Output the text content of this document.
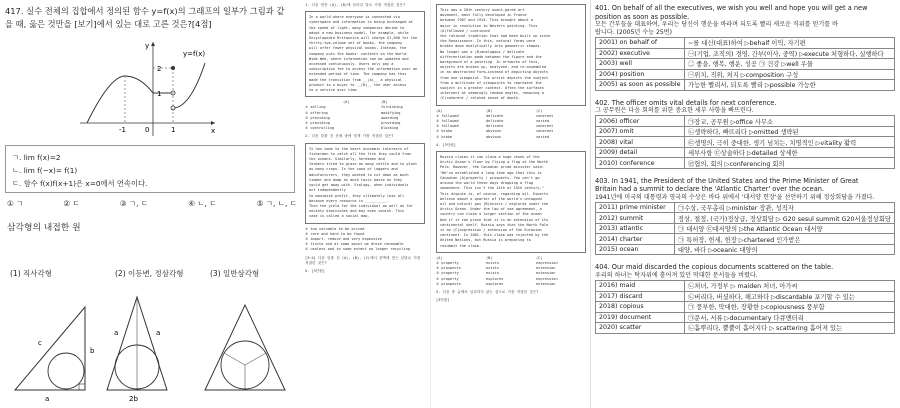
417. 실수 전체의 집합에서 정의된 함수 y=f(x)의 그래프의 일부가 그림과 같
을 때, 옳은 것만을 [보기]에서 있는 대로 고른 것은?[4점]
y
x
y=f(x)
2
1
-1	0	1
ㄱ. lim f(x)=2
ㄴ. lim f(−x)= f(1)
ㄷ. 함수 f(x)f(x+1)은 x=0에서 연속이다.
① ㄱ	② ㄷ	③ ㄱ, ㄷ	④ ㄴ, ㄷ	⑤ ㄱ, ㄴ, ㄷ
삼각형의 내접한 원
(1) 직사각형	(2) 이등변, 정삼각형	(3) 일반삼각형
c
b
a
a	a
2b
1. 다음 빈칸 (A), (B)에 들어갈 말로 가장 적절한 것은?
In a world where everyone is connected via
cyberspace and information is being exchanged at
the speed of light, many companies decide to
adopt a new business model. For example, while
Encyclopedia Britannica will charge $1,500 for the
thirty-two-volume set of books, the company
will offer fewer physical books. Instead, the
company puts the books' contents on the World
Wide Web, where information can be updated and
accessed continuously. Users only pay a
subscription fee to access the information over an
extended period of time. The company has thus
made the transition from __(A)__ a physical
product to a buyer to __(B)__ the user access
to a service over time.
(A)	(B)
① selling	furnishing
② offering	modifying
③ providing	awarding
④ providing	providing
⑤ controlling	blocking
2. 다음 밑줄 친 문제 중에 맞게 가장 적절한 것은?
It has come to the heart economic interests of
fishermen to catch all the fish they could from
the oceans. Similarly, herdsmen and
farmers tried to graze as many cattle and to plant
as many crops. In the case of loggers and
manufacturers, they wanted to cut down as much
timber and dump as much toxic waste as they
could get away with. Ecology, when individuals
act independently
to maximize profit, they ultimately lose all
because every resource is __________.
Then the yield for the individual as well as for
society diminishes and may even vanish. This
case is called a social map.
① too valuable to be priced
② rare and hard to be found
③ import- reduce and very expensive
④ finite and at some point we drove renewable
⑤ useless and to some extent no longer recycling
[3~4] 다음 밑줄 친 (A), (B), (C)에서 문맥에 맞는 낱말로 가장 적절한 것은?
5. [3단원]
This was a 20th century avant-garde art
movement, most fully developed in France
between 1907 and 1914. This brought about a
major in revolution to Western painting. This
(A)followed / continued
the rational tradition that had been built up since
the Renaissance. In this, natural forms were
broken down analytically into geometric shapes.
No longer was a (B)analogous / delicate
differentiation made between the figure and the
background of a painting. In artworks of this,
objects are broken up, analyzed, and re-assembled
in an abstracted form—instead of depicting objects
from one viewpoint. The artist depicts the subject
from a multitude of viewpoints to represent the
subject in a greater context. Often the surfaces
intersect at seemingly random angles, removing a
(C)coherent / related sense of depth.
(A)	(B)	(C)
① followed	delicate	coherent
② followed	delicate	varied
③ followed	delicate	coherent
④ broke	obvious	coherent
⑤ broke	obvious	varied
4. [3단원]
Russia claims it can claim a huge chunk of the
Arctic Ocean's floor by flying a flag at the North
Pole. However, the Canadian prime minister said:
"We've established a long time ago that this is
Canadian (A)property / prospects. You can't go
around the world these days dropping a flag
somewhere. This isn't the 14th or 15th century."
This dispute is, of course, regarding oil. Experts
believe about a quarter of the world's untapped
oil and natural gas (B)exists / explores under the
Arctic Ocean. Under the law of sea agreement, a
country can claim a larger section of the ocean
bed if it can prove that it is an extension of its
continental shelf. Russia says that the North Pole
is an (C)expression / extension of the Eurasian
continent. In 2001, this claim was rejected by the
United Nations, but Russia is preparing to
resubmit the claim.
(A)	(B)	(C)
① property	exists	expression
② prospects	exists	extension
③ property	exists	extension
④ property	explores	expression
⑤ prospects	explores	extension
5. 다음 중 글에서 일치하지 않는 것으로 가장 적절한 것은?
[3단원]
401. On behalf of all the executives, we wish you well and hope you will get a new
position as soon as possible.
모든 간부들을 대표하여, 우리는 당신이 행운을 바라며 되도록 빨리 새로운 직위를 얻기를 바
랍니다. (2005년 수능 25번)
2001) on behalf of	~를 대신(대표)하여 ▷behalf 이익, 자기편
2002) executive	㊀(기업, 조직의) 경영, 간부(이사, 중역) ▷execute 처형하다, 실행하다
2003) well	㊁ 좋을, 행복, 행운, 성공 ㉠ 건강 ▷well 우물
2004) position	㊀위치, 직위, 처지 ▷composition 구성
2005) as soon as possible	가능한 빨리서, 되도록 빨리 ▷possible 가능한
402. The officer omits vital details for next conference.
그 공무원은 다음 회의를 위한 중요한 세부 사항을 빠뜨린다.
2006) officer	㉠장교, 공무원 ▷office 사무소
2007) omit	㉡생략하다, 빠뜨리다 ▷omitted 생략된
2008) vital	㉢생명의, 극히 중대한, 생기 넘치는, 치명적인 ▷vitality 활력
2009) detail	세부사항 ㉢상술하다 ▷detailed 상세한
2010) conference	㉣협의, 회의 ▷conferencing 회의
403. In 1941, the President of the United States and the Prime Minister of Great
Britain had a summit to declare the 'Atlantic Charter' over the ocean.
1941년에 미국의 대통령과 영국의 수상은 바다 위에서 '대서양 헌장'을 선언하기 위해 정상회담을 가졌다.
2011) prime minister	㉠수상, 국무총리 ▷minister 장관, 성직자
2012) summit	정상, 절정, (국가)정상급, 정상회담 ▷ G20 sesul summit G20서울정상회담
2013) atlantic	㉠ 대서양 ㉢대서양의 ▷the Atlantic Ocean 대서양
2014) charter	㉠ 특허장, 헌세, 헌장 ▷chartered 인가받은
2015) ocean	대양, 바다 ▷oceanic 대양의
404. Our maid discarded the copious documents scattered on the table.
우리의 하녀는 탁자위에 흩어져 있던 막대한 문서들을 버렸다.
2016) maid	㉡처녀, 가정부 ▷ maiden 처녀, 아가씨
2017) discard	㉡버리다, 버셨하다, 해고하다 ▷discardable 포기할 수 있는
2018) copious	㉠ 풍부한, 막대한, 장황한 ▷copiousness 풍부함
2019) document	㉠문서, 서류 ▷documentary 다큐멘터리
2020) scatter	㉡흩뿌리다, 뿔뿔이 흩어지다 ▷ scattering 흩어져 있는
